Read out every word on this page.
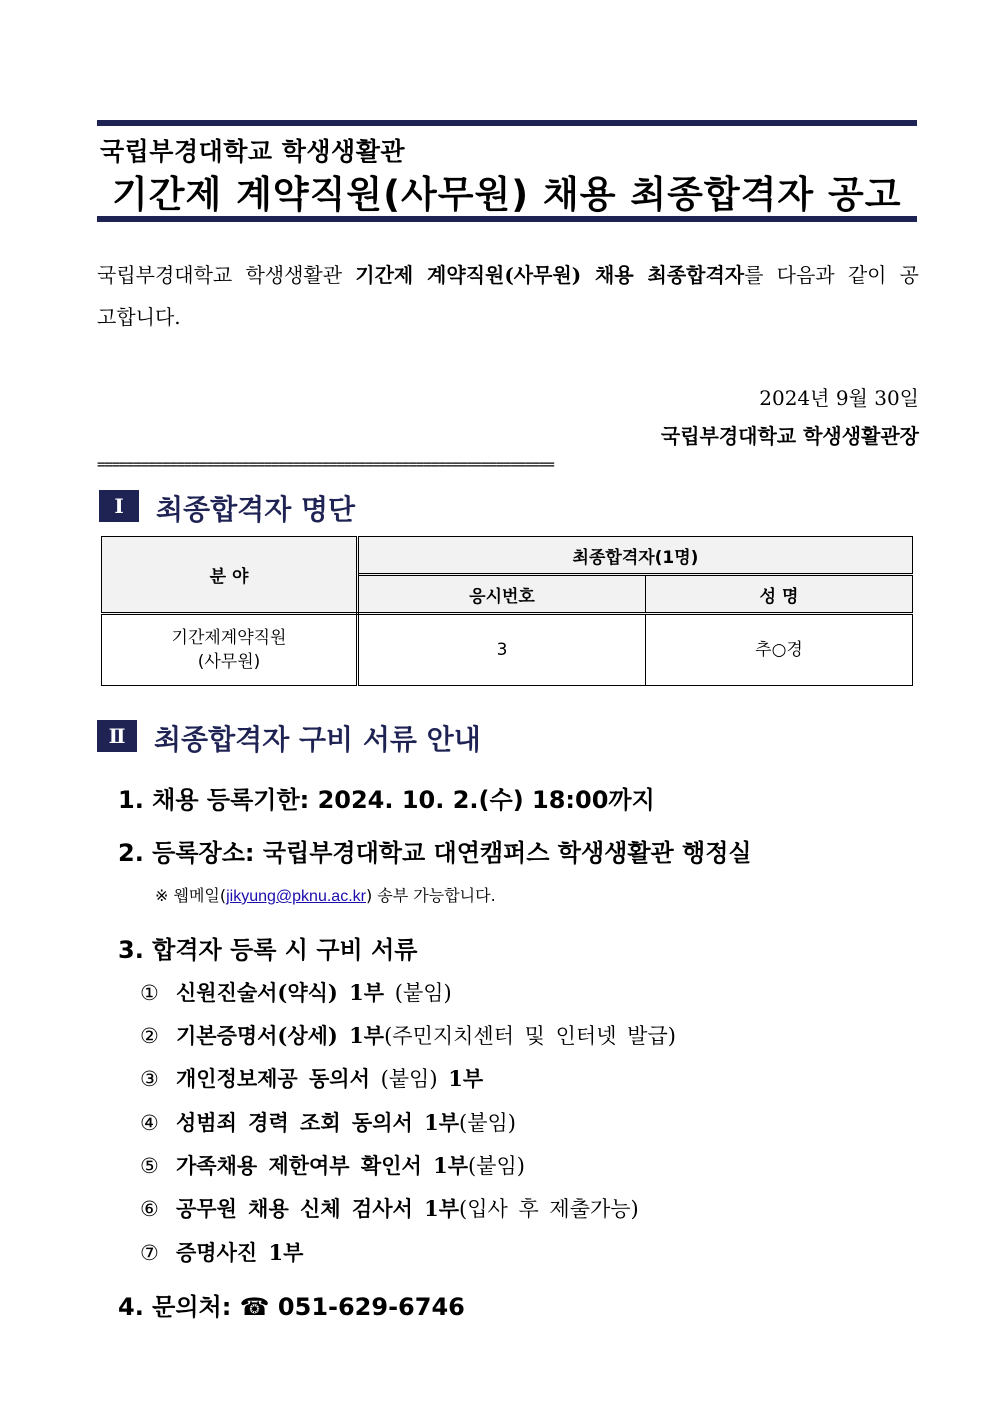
국립부경대학교 학생생활관
기간제 계약직원(사무원) 채용 최종합격자 공고
국립부경대학교 학생생활관 기간제 계약직원(사무원) 채용 최종합격자를 다음과 같이 공고합니다.
2024년 9월 30일
국립부경대학교 학생생활관장
===============================================================
Ⅰ	최종합격자 명단
분 야	최종합격자(1명)	
	응시번호	성 명
기간제계약직원
(사무원)	3	추○경
Ⅱ	최종합격자 구비 서류 안내
1. 채용 등록기한: 2024. 10. 2.(수) 18:00까지
2. 등록장소: 국립부경대학교 대연캠퍼스 학생생활관 행정실
※ 웹메일(jikyung@pknu.ac.kr) 송부 가능합니다.
3. 합격자 등록 시 구비 서류
① 신원진술서(약식) 1부 (붙임)
② 기본증명서(상세) 1부(주민지치센터 및 인터넷 발급)
③ 개인정보제공 동의서 (붙임) 1부
④ 성범죄 경력 조회 동의서 1부(붙임)
⑤ 가족채용 제한여부 확인서 1부(붙임)
⑥ 공무원 채용 신체 검사서 1부(입사 후 제출가능)
⑦ 증명사진 1부
4. 문의처: ☎ 051-629-6746
